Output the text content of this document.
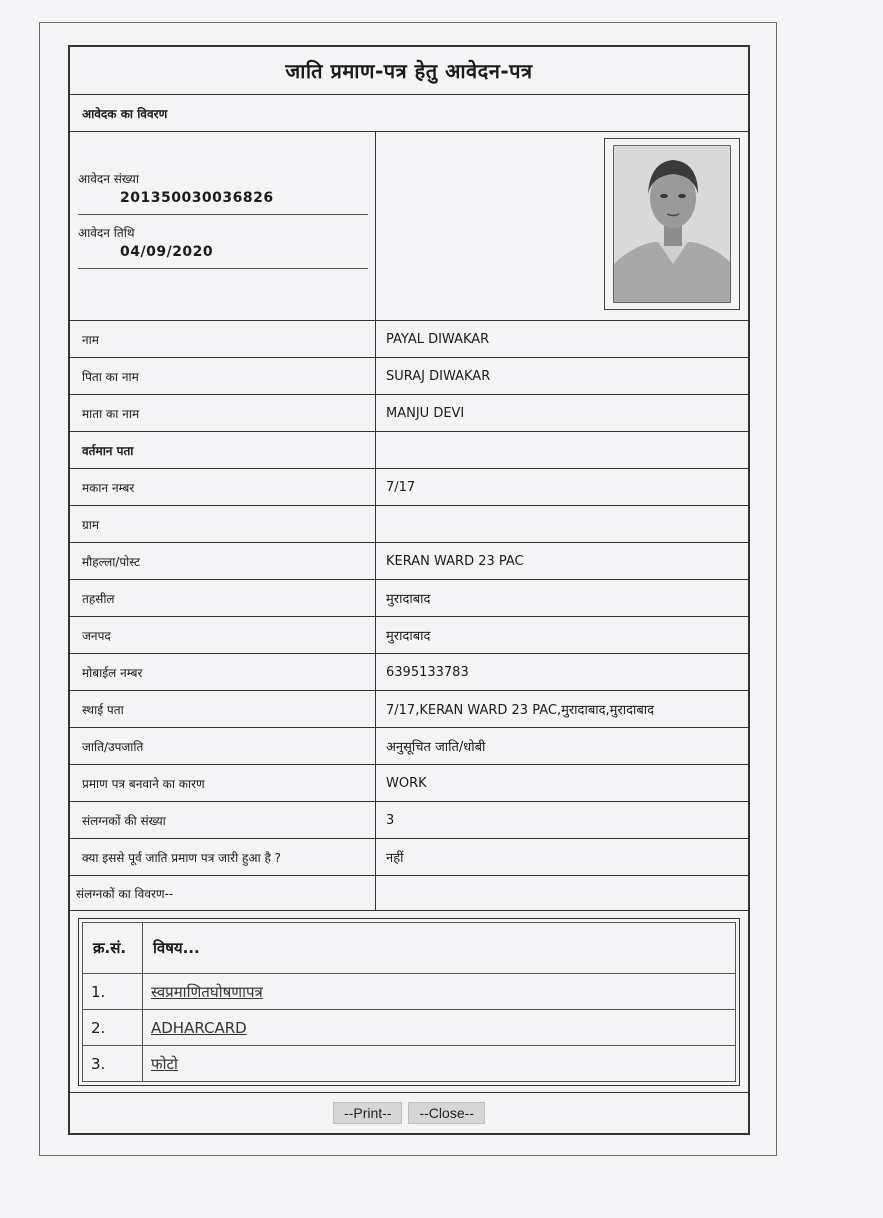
जाति प्रमाण-पत्र हेतु आवेदन-पत्र
आवेदक का विवरण
आवेदन संख्या
201350030036826
आवेदन तिथि
04/09/2020
नाम	PAYAL DIWAKAR
पिता का नाम	SURAJ DIWAKAR
माता का नाम	MANJU DEVI
वर्तमान पता
मकान नम्बर	7/17
ग्राम
मौहल्ला/पोस्ट	KERAN WARD 23 PAC
तहसील	मुरादाबाद
जनपद	मुरादाबाद
मोबाईल नम्बर	6395133783
स्थाई पता	7/17,KERAN WARD 23 PAC,मुरादाबाद,मुरादाबाद
जाति/उपजाति	अनुसूचित जाति/धोबी
प्रमाण पत्र बनवाने का कारण	WORK
संलग्नकों की संख्या	3
क्या इससे पूर्व जाति प्रमाण पत्र जारी हुआ है ?	नहीं
संलग्नकों का विवरण--
क्र.सं.	विषय...
1.	स्वप्रमाणितघोषणापत्र
2.	ADHARCARD
3.	फोटो
--Print--	--Close--
